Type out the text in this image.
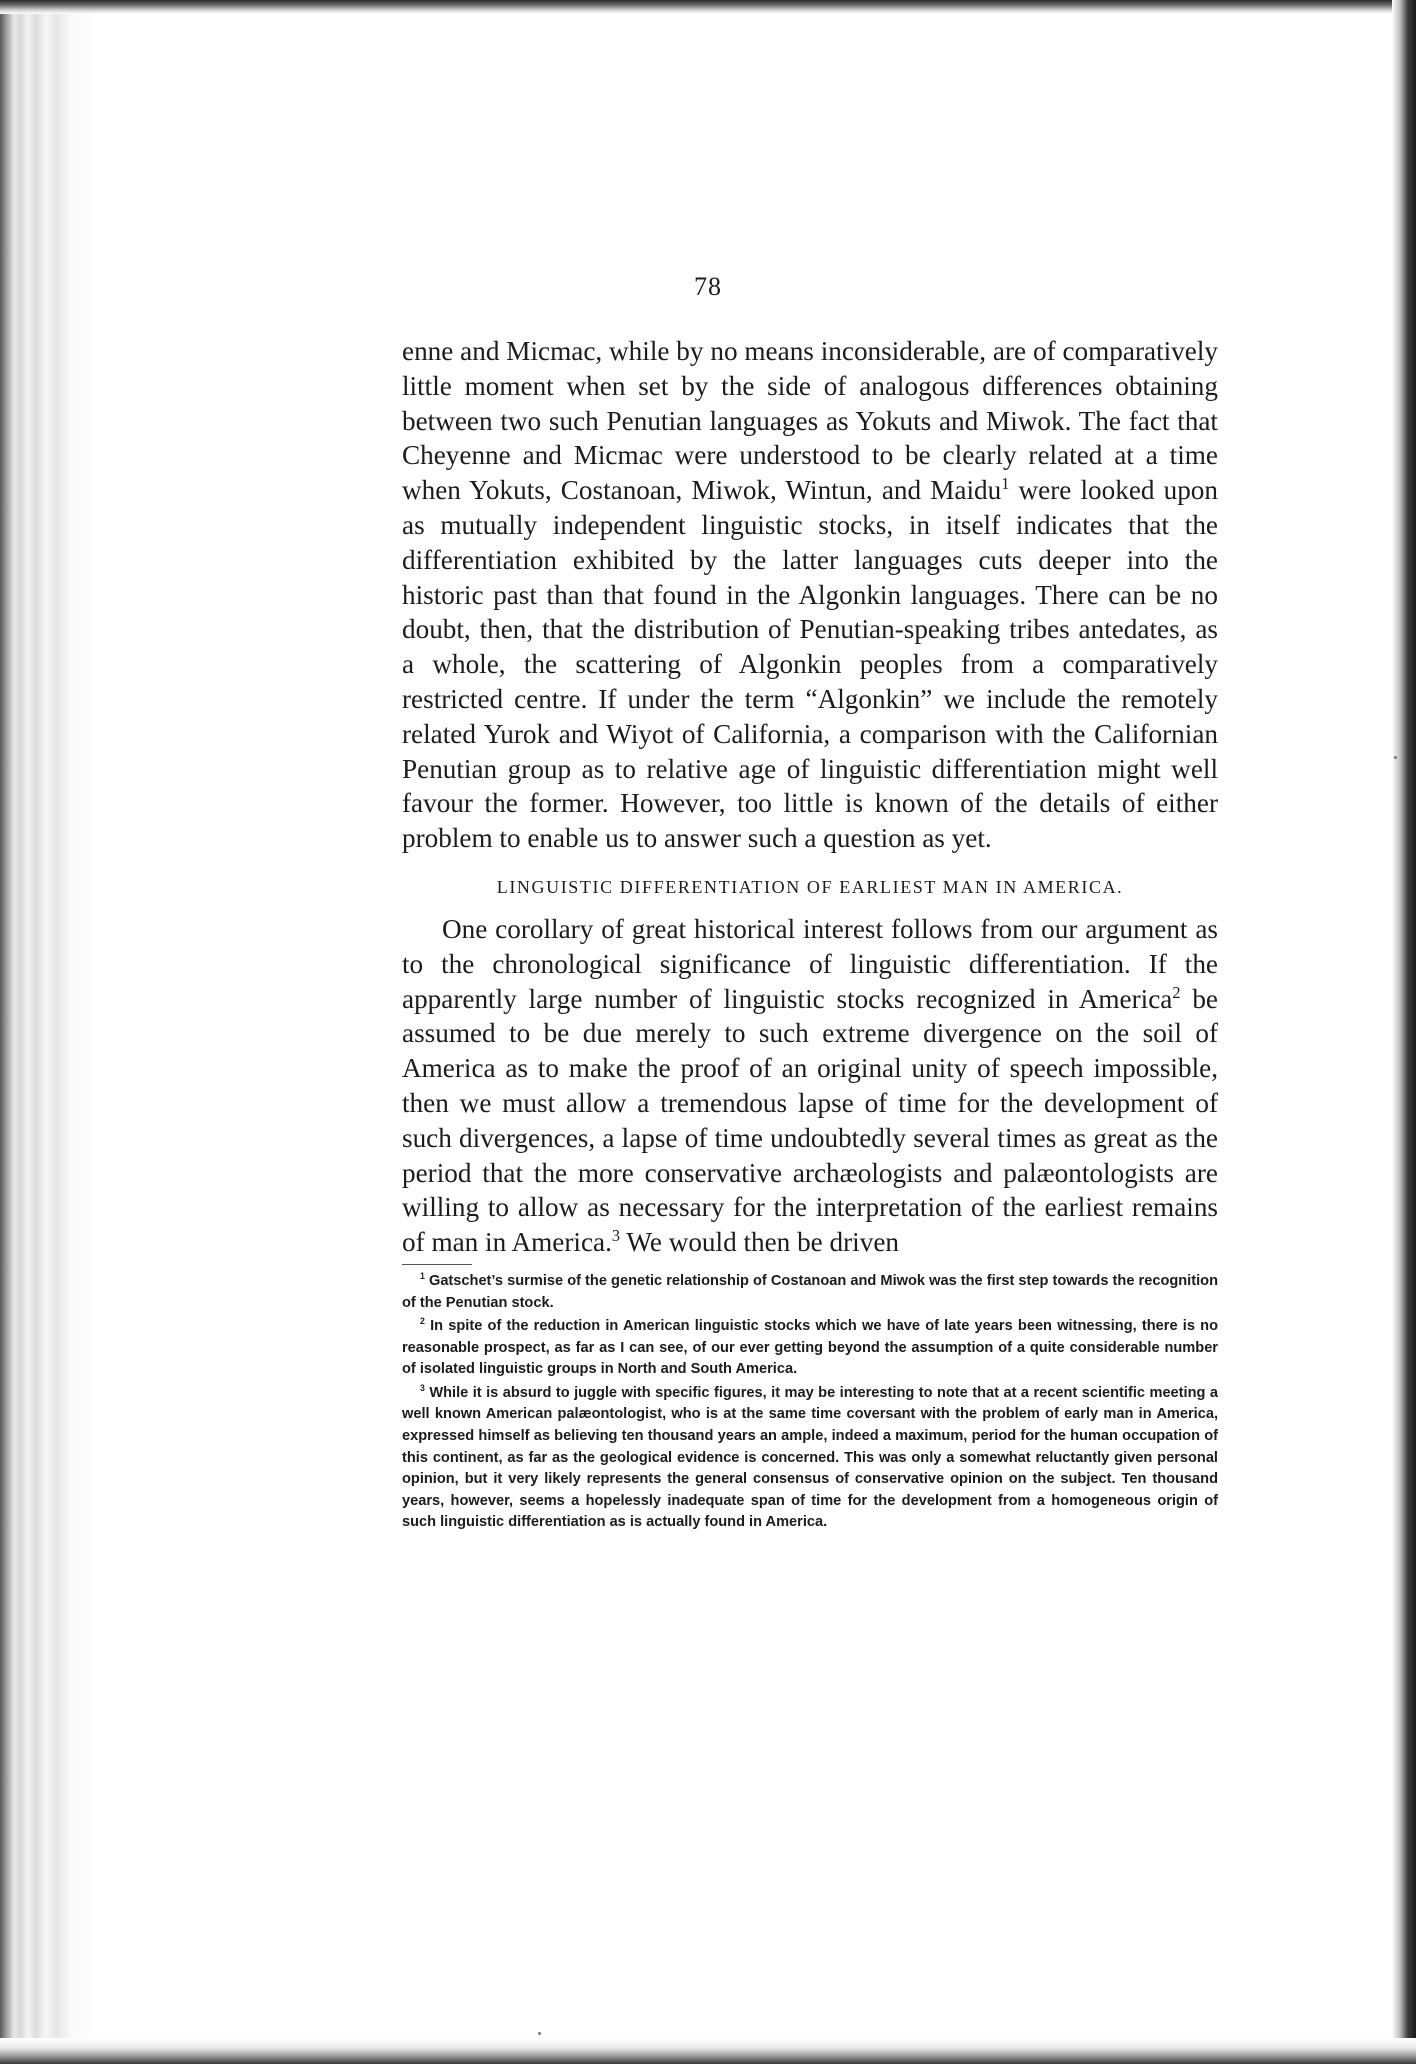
78

enne and Micmac, while by no means inconsiderable, are of comparatively little moment when set by the side of analogous differences obtaining between two such Penutian languages as Yokuts and Miwok. The fact that Cheyenne and Micmac were understood to be clearly related at a time when Yokuts, Costanoan, Miwok, Wintun, and Maidu$^1$ were looked upon as mutually independent linguistic stocks, in itself indicates that the differentiation exhibited by the latter languages cuts deeper into the historic past than that found in the Algonkin languages. There can be no doubt, then, that the distribution of Penutian-speaking tribes antedates, as a whole, the scattering of Algonkin peoples from a comparatively restricted centre. If under the term “Algonkin” we include the remotely related Yurok and Wiyot of California, a comparison with the Californian Penutian group as to relative age of linguistic differentiation might well favour the former. However, too little is known of the details of either problem to enable us to answer such a question as yet.

LINGUISTIC DIFFERENTIATION OF EARLIEST MAN IN AMERICA.

One corollary of great historical interest follows from our argument as to the chronological significance of linguistic differentiation. If the apparently large number of linguistic stocks recognized in America$^2$ be assumed to be due merely to such extreme divergence on the soil of America as to make the proof of an original unity of speech impossible, then we must allow a tremendous lapse of time for the development of such divergences, a lapse of time undoubtedly several times as great as the period that the more conservative archæologists and palæontologists are willing to allow as necessary for the interpretation of the earliest remains of man in America.$^3$ We would then be driven

$^1$ Gatschet’s surmise of the genetic relationship of Costanoan and Miwok was the first step towards the recognition of the Penutian stock.

$^2$ In spite of the reduction in American linguistic stocks which we have of late years been witnessing, there is no reasonable prospect, as far as I can see, of our ever getting beyond the assumption of a quite considerable number of isolated linguistic groups in North and South America.

$^3$ While it is absurd to juggle with specific figures, it may be interesting to note that at a recent scientific meeting a well known American palæontologist, who is at the same time coversant with the problem of early man in America, expressed himself as believing ten thousand years an ample, indeed a maximum, period for the human occupation of this continent, as far as the geological evidence is concerned. This was only a somewhat reluctantly given personal opinion, but it very likely represents the general consensus of conservative opinion on the subject. Ten thousand years, however, seems a hopelessly inadequate span of time for the development from a homogeneous origin of such linguistic differentiation as is actually found in America.
